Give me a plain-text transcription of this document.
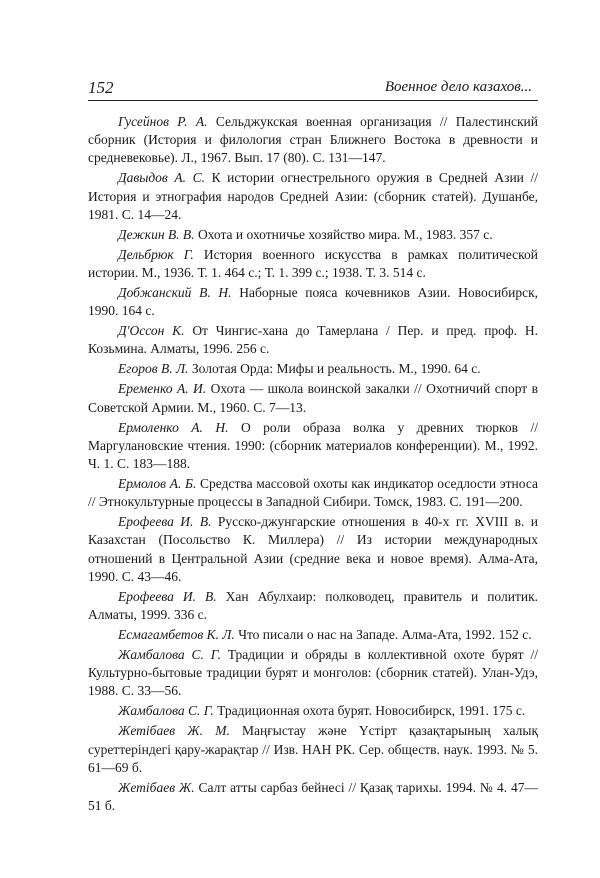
152	Военное дело казахов...

Гусейнов Р. А. Сельджукская военная организация // Палестинский сборник (История и филология стран Ближнего Востока в древности и средневековье). Л., 1967. Вып. 17 (80). С. 131—147.

Давыдов А. С. К истории огнестрельного оружия в Средней Азии // История и этнография народов Средней Азии: (сборник статей). Душанбе, 1981. С. 14—24.

Дежкин В. В. Охота и охотничье хозяйство мира. М., 1983. 357 с.

Дельбрюк Г. История военного искусства в рамках политической истории. М., 1936. Т. 1. 464 с.; Т. 1. 399 с.; 1938. Т. 3. 514 с.

Добжанский В. Н. Наборные пояса кочевников Азии. Новосибирск, 1990. 164 с.

Д'Оссон К. От Чингис-хана до Тамерлана / Пер. и пред. проф. Н. Козьмина. Алматы, 1996. 256 с.

Егоров В. Л. Золотая Орда: Мифы и реальность. М., 1990. 64 с.

Еременко А. И. Охота — школа воинской закалки // Охотничий спорт в Советской Армии. М., 1960. С. 7—13.

Ермоленко А. Н. О роли образа волка у древних тюрков // Маргулановские чтения. 1990: (сборник материалов конференции). М., 1992. Ч. 1. С. 183—188.

Ермолов А. Б. Средства массовой охоты как индикатор оседлости этноса // Этнокультурные процессы в Западной Сибири. Томск, 1983. С. 191—200.

Ерофеева И. В. Русско-джунгарские отношения в 40-х гг. XVIII в. и Казахстан (Посольство К. Миллера) // Из истории международных отношений в Центральной Азии (средние века и новое время). Алма-Ата, 1990. С. 43—46.

Ерофеева И. В. Хан Абулхаир: полководец, правитель и политик. Алматы, 1999. 336 с.

Есмагамбетов К. Л. Что писали о нас на Западе. Алма-Ата, 1992. 152 с.

Жамбалова С. Г. Традиции и обряды в коллективной охоте бурят // Культурно-бытовые традиции бурят и монголов: (сборник статей). Улан-Удэ, 1988. С. 33—56.

Жамбалова С. Г. Традиционная охота бурят. Новосибирск, 1991. 175 с.

Жетібаев Ж. М. Маңғыстау және Үстірт қазақтарының халық суреттеріндегі қару-жарақтар // Изв. НАН РК. Сер. обществ. наук. 1993. № 5. 61—69 б.

Жетібаев Ж. Салт атты сарбаз бейнесі // Қазақ тарихы. 1994. № 4. 47—51 б.
